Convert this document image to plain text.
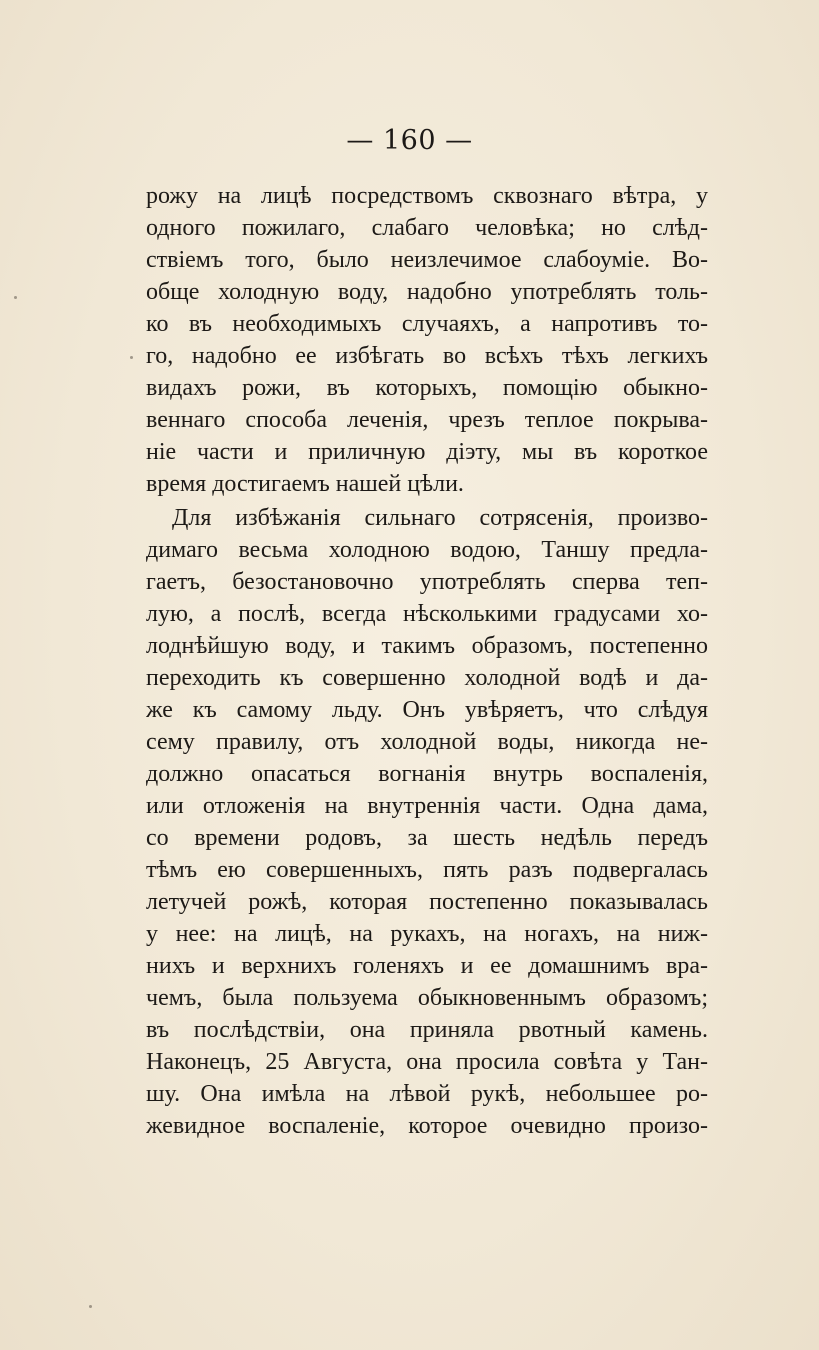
— 160 —
рожу на лицѣ посредствомъ сквознаго вѣтра, у
одного пожилаго, слабаго человѣка; но слѣд-
ствіемъ того, было неизлечимое слабоуміе. Во-
обще холодную воду, надобно употреблять толь-
ко въ необходимыхъ случаяхъ, а напротивъ то-
го, надобно ее избѣгать во всѣхъ тѣхъ легкихъ
видахъ рожи, въ которыхъ, помощію обыкно-
веннаго способа леченія, чрезъ теплое покрыва-
ніе части и приличную діэту, мы въ короткое
время достигаемъ нашей цѣли.
Для избѣжанія сильнаго сотрясенія, произво-
димаго весьма холодною водою, Таншу предла-
гаетъ, безостановочно употреблять сперва теп-
лую, а послѣ, всегда нѣсколькими градусами хо-
лоднѣйшую воду, и такимъ образомъ, постепенно
переходить къ совершенно холодной водѣ и да-
же къ самому льду. Онъ увѣряетъ, что слѣдуя
сему правилу, отъ холодной воды, никогда не-
должно опасаться вогнанія внутрь воспаленія,
или отложенія на внутреннія части. Одна дама,
со времени родовъ, за шесть недѣль передъ
тѣмъ ею совершенныхъ, пять разъ подвергалась
летучей рожѣ, которая постепенно показывалась
у нее: на лицѣ, на рукахъ, на ногахъ, на ниж-
нихъ и верхнихъ голеняхъ и ее домашнимъ вра-
чемъ, была пользуема обыкновеннымъ образомъ;
въ послѣдствіи, она приняла рвотный камень.
Наконецъ, 25 Августа, она просила совѣта у Тан-
шу. Она имѣла на лѣвой рукѣ, небольшее ро-
жевидное воспаленіе, которое очевидно произо-
